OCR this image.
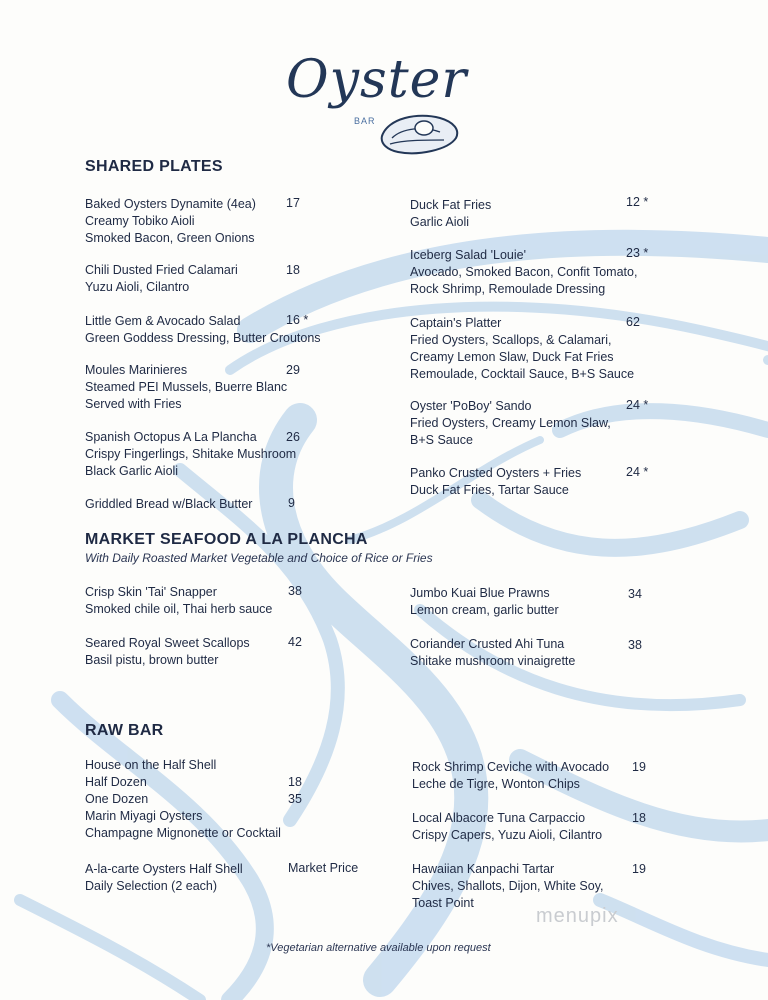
Oyster
BAR
SHARED PLATES
Baked Oysters Dynamite (4ea)
Creamy Tobiko Aioli
Smoked Bacon, Green Onions
17
Chili Dusted Fried Calamari
Yuzu Aioli, Cilantro
18
Little Gem & Avocado Salad
Green Goddess Dressing, Butter Croutons
16 *
Moules Marinieres
Steamed PEI Mussels, Buerre Blanc
Served with Fries
29
Spanish Octopus A La Plancha
Crispy Fingerlings, Shitake Mushroom
Black Garlic Aioli
26
Griddled Bread w/Black Butter	9
Duck Fat Fries
Garlic Aioli
12 *
Iceberg Salad 'Louie'
Avocado, Smoked Bacon, Confit Tomato,
Rock Shrimp, Remoulade Dressing
23 *
Captain's Platter
Fried Oysters, Scallops, & Calamari,
Creamy Lemon Slaw, Duck Fat Fries
Remoulade, Cocktail Sauce, B+S Sauce
62
Oyster 'PoBoy' Sando
Fried Oysters, Creamy Lemon Slaw,
B+S Sauce
24 *
Panko Crusted Oysters + Fries
Duck Fat Fries, Tartar Sauce
24 *
MARKET SEAFOOD A LA PLANCHA
With Daily Roasted Market Vegetable and Choice of Rice or Fries
Crisp Skin 'Tai' Snapper
Smoked chile oil, Thai herb sauce
38
Seared Royal Sweet Scallops
Basil pistu, brown butter
42
Jumbo Kuai Blue Prawns
Lemon cream, garlic butter
34
Coriander Crusted Ahi Tuna
Shitake mushroom vinaigrette
38
RAW BAR
House on the Half Shell
Half Dozen
One Dozen
Marin Miyagi Oysters
Champagne Mignonette or Cocktail
18
35
A-la-carte Oysters Half Shell
Daily Selection (2 each)
Market Price
Rock Shrimp Ceviche with Avocado
Leche de Tigre, Wonton Chips
19
Local Albacore Tuna Carpaccio
Crispy Capers, Yuzu Aioli, Cilantro
18
Hawaiian Kanpachi Tartar
Chives, Shallots, Dijon, White Soy,
Toast Point
19
*Vegetarian alternative available upon request
menupix
